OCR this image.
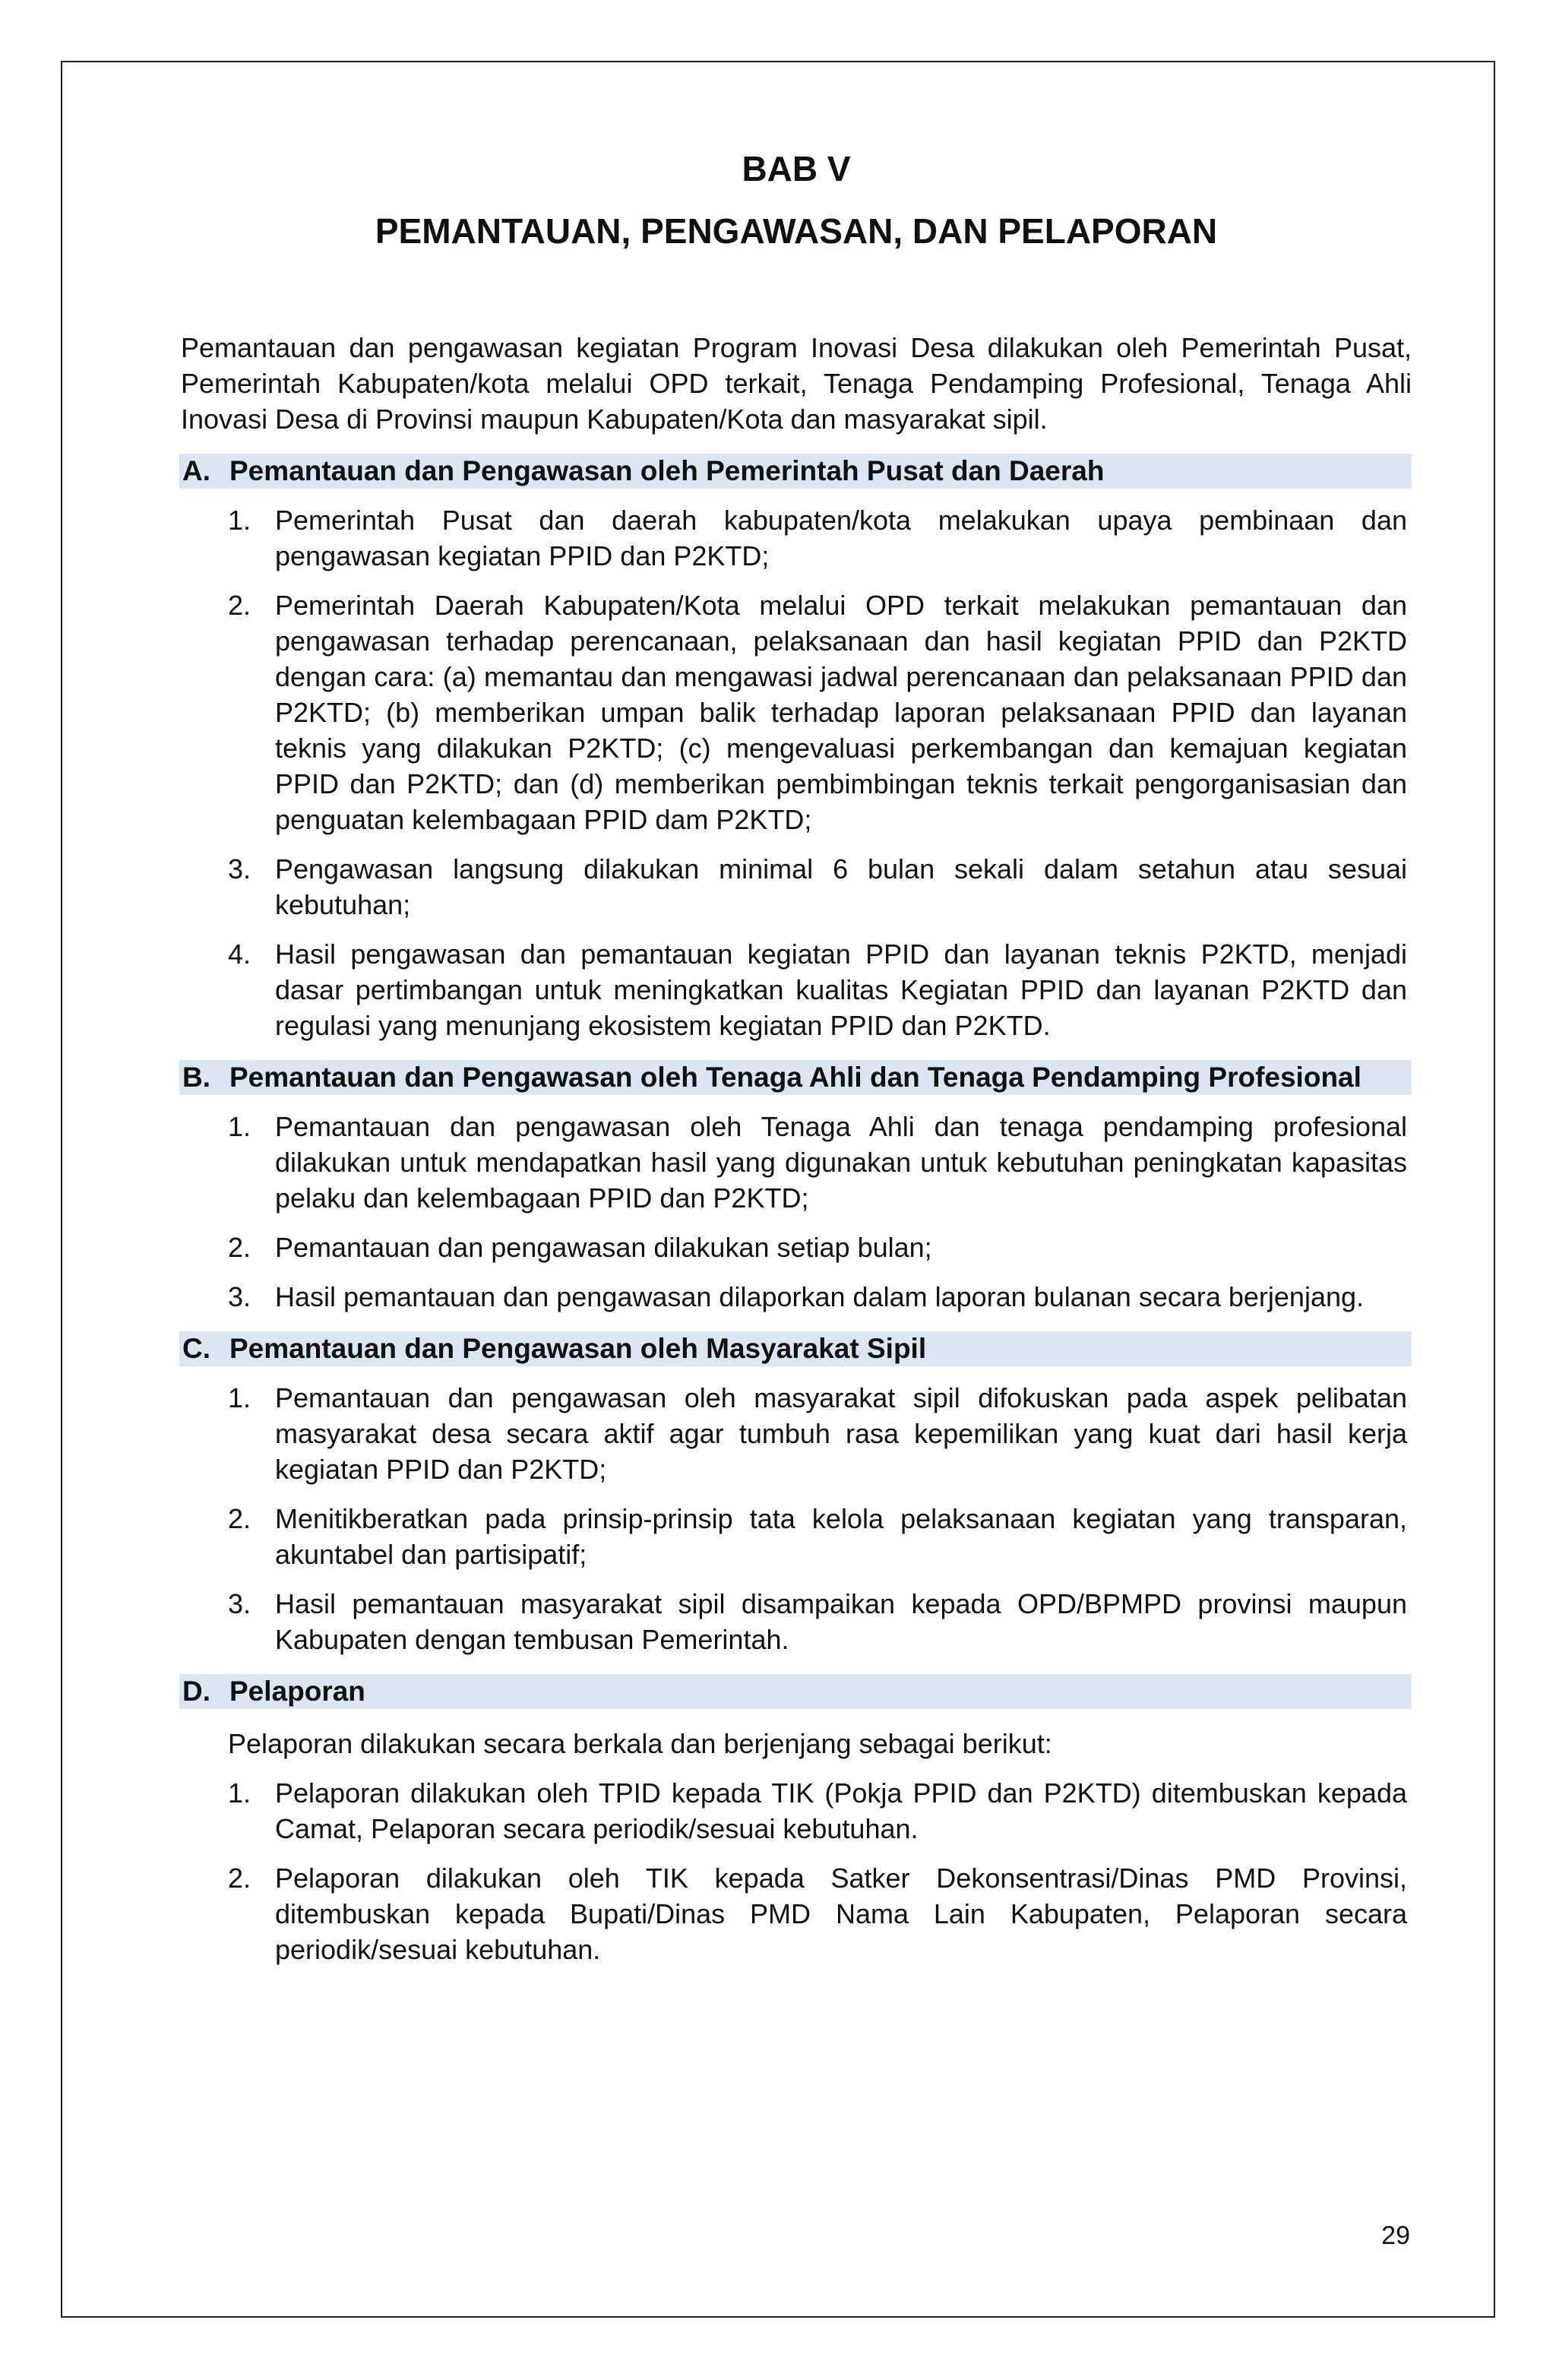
BAB V
PEMANTAUAN, PENGAWASAN, DAN PELAPORAN

Pemantauan dan pengawasan kegiatan Program Inovasi Desa dilakukan oleh Pemerintah Pusat, Pemerintah Kabupaten/kota melalui OPD terkait, Tenaga Pendamping Profesional, Tenaga Ahli Inovasi Desa di Provinsi maupun Kabupaten/Kota dan masyarakat sipil.

A. Pemantauan dan Pengawasan oleh Pemerintah Pusat dan Daerah
1. Pemerintah Pusat dan daerah kabupaten/kota melakukan upaya pembinaan dan pengawasan kegiatan PPID dan P2KTD;
2. Pemerintah Daerah Kabupaten/Kota melalui OPD terkait melakukan pemantauan dan pengawasan terhadap perencanaan, pelaksanaan dan hasil kegiatan PPID dan P2KTD dengan cara: (a) memantau dan mengawasi jadwal perencanaan dan pelaksanaan PPID dan P2KTD; (b) memberikan umpan balik terhadap laporan pelaksanaan PPID dan layanan teknis yang dilakukan P2KTD; (c) mengevaluasi perkembangan dan kemajuan kegiatan PPID dan P2KTD; dan (d) memberikan pembimbingan teknis terkait pengorganisasian dan penguatan kelembagaan PPID dam P2KTD;
3. Pengawasan langsung dilakukan minimal 6 bulan sekali dalam setahun atau sesuai kebutuhan;
4. Hasil pengawasan dan pemantauan kegiatan PPID dan layanan teknis P2KTD, menjadi dasar pertimbangan untuk meningkatkan kualitas Kegiatan PPID dan layanan P2KTD dan regulasi yang menunjang ekosistem kegiatan PPID dan P2KTD.
B. Pemantauan dan Pengawasan oleh Tenaga Ahli dan Tenaga Pendamping Profesional
1. Pemantauan dan pengawasan oleh Tenaga Ahli dan tenaga pendamping profesional dilakukan untuk mendapatkan hasil yang digunakan untuk kebutuhan peningkatan kapasitas pelaku dan kelembagaan PPID dan P2KTD;
2. Pemantauan dan pengawasan dilakukan setiap bulan;
3. Hasil pemantauan dan pengawasan dilaporkan dalam laporan bulanan secara berjenjang.
C. Pemantauan dan Pengawasan oleh Masyarakat Sipil
1. Pemantauan dan pengawasan oleh masyarakat sipil difokuskan pada aspek pelibatan masyarakat desa secara aktif agar tumbuh rasa kepemilikan yang kuat dari hasil kerja kegiatan PPID dan P2KTD;
2. Menitikberatkan pada prinsip-prinsip tata kelola pelaksanaan kegiatan yang transparan, akuntabel dan partisipatif;
3. Hasil pemantauan masyarakat sipil disampaikan kepada OPD/BPMPD provinsi maupun Kabupaten dengan tembusan Pemerintah.
D. Pelaporan

Pelaporan dilakukan secara berkala dan berjenjang sebagai berikut:

1. Pelaporan dilakukan oleh TPID kepada TIK (Pokja PPID dan P2KTD) ditembuskan kepada Camat, Pelaporan secara periodik/sesuai kebutuhan.
2. Pelaporan dilakukan oleh TIK kepada Satker Dekonsentrasi/Dinas PMD Provinsi, ditembuskan kepada Bupati/Dinas PMD Nama Lain Kabupaten, Pelaporan secara periodik/sesuai kebutuhan.
29
